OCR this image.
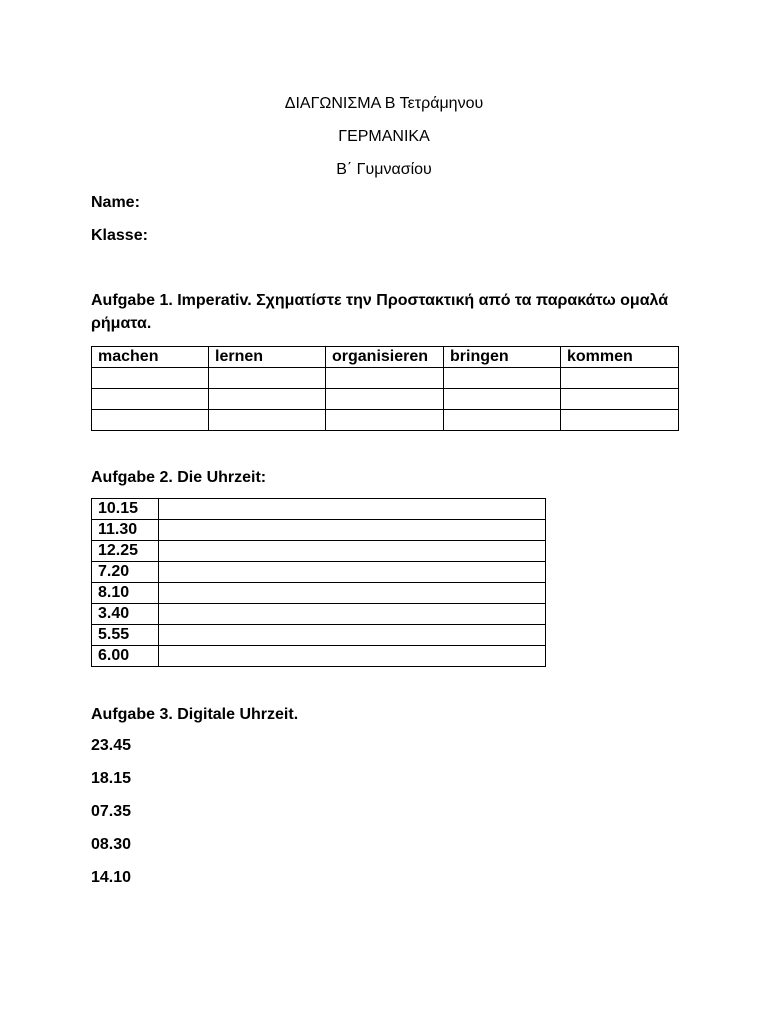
ΔΙΑΓΩΝΙΣΜΑ Β Τετράμηνου
ΓΕΡΜΑΝΙΚΑ
Β΄ Γυμνασίου
Name:
Klasse:
Aufgabe 1. Imperativ. Σχηματίστε την Προστακτική από τα παρακάτω ομαλά ρήματα.
machen	lernen	organisieren	bringen	kommen

Aufgabe 2. Die Uhrzeit:
10.15	
11.30	
12.25	
7.20	
8.10	
3.40	
5.55	
6.00	
Aufgabe 3. Digitale Uhrzeit.
23.45
18.15
07.35
08.30
14.10
